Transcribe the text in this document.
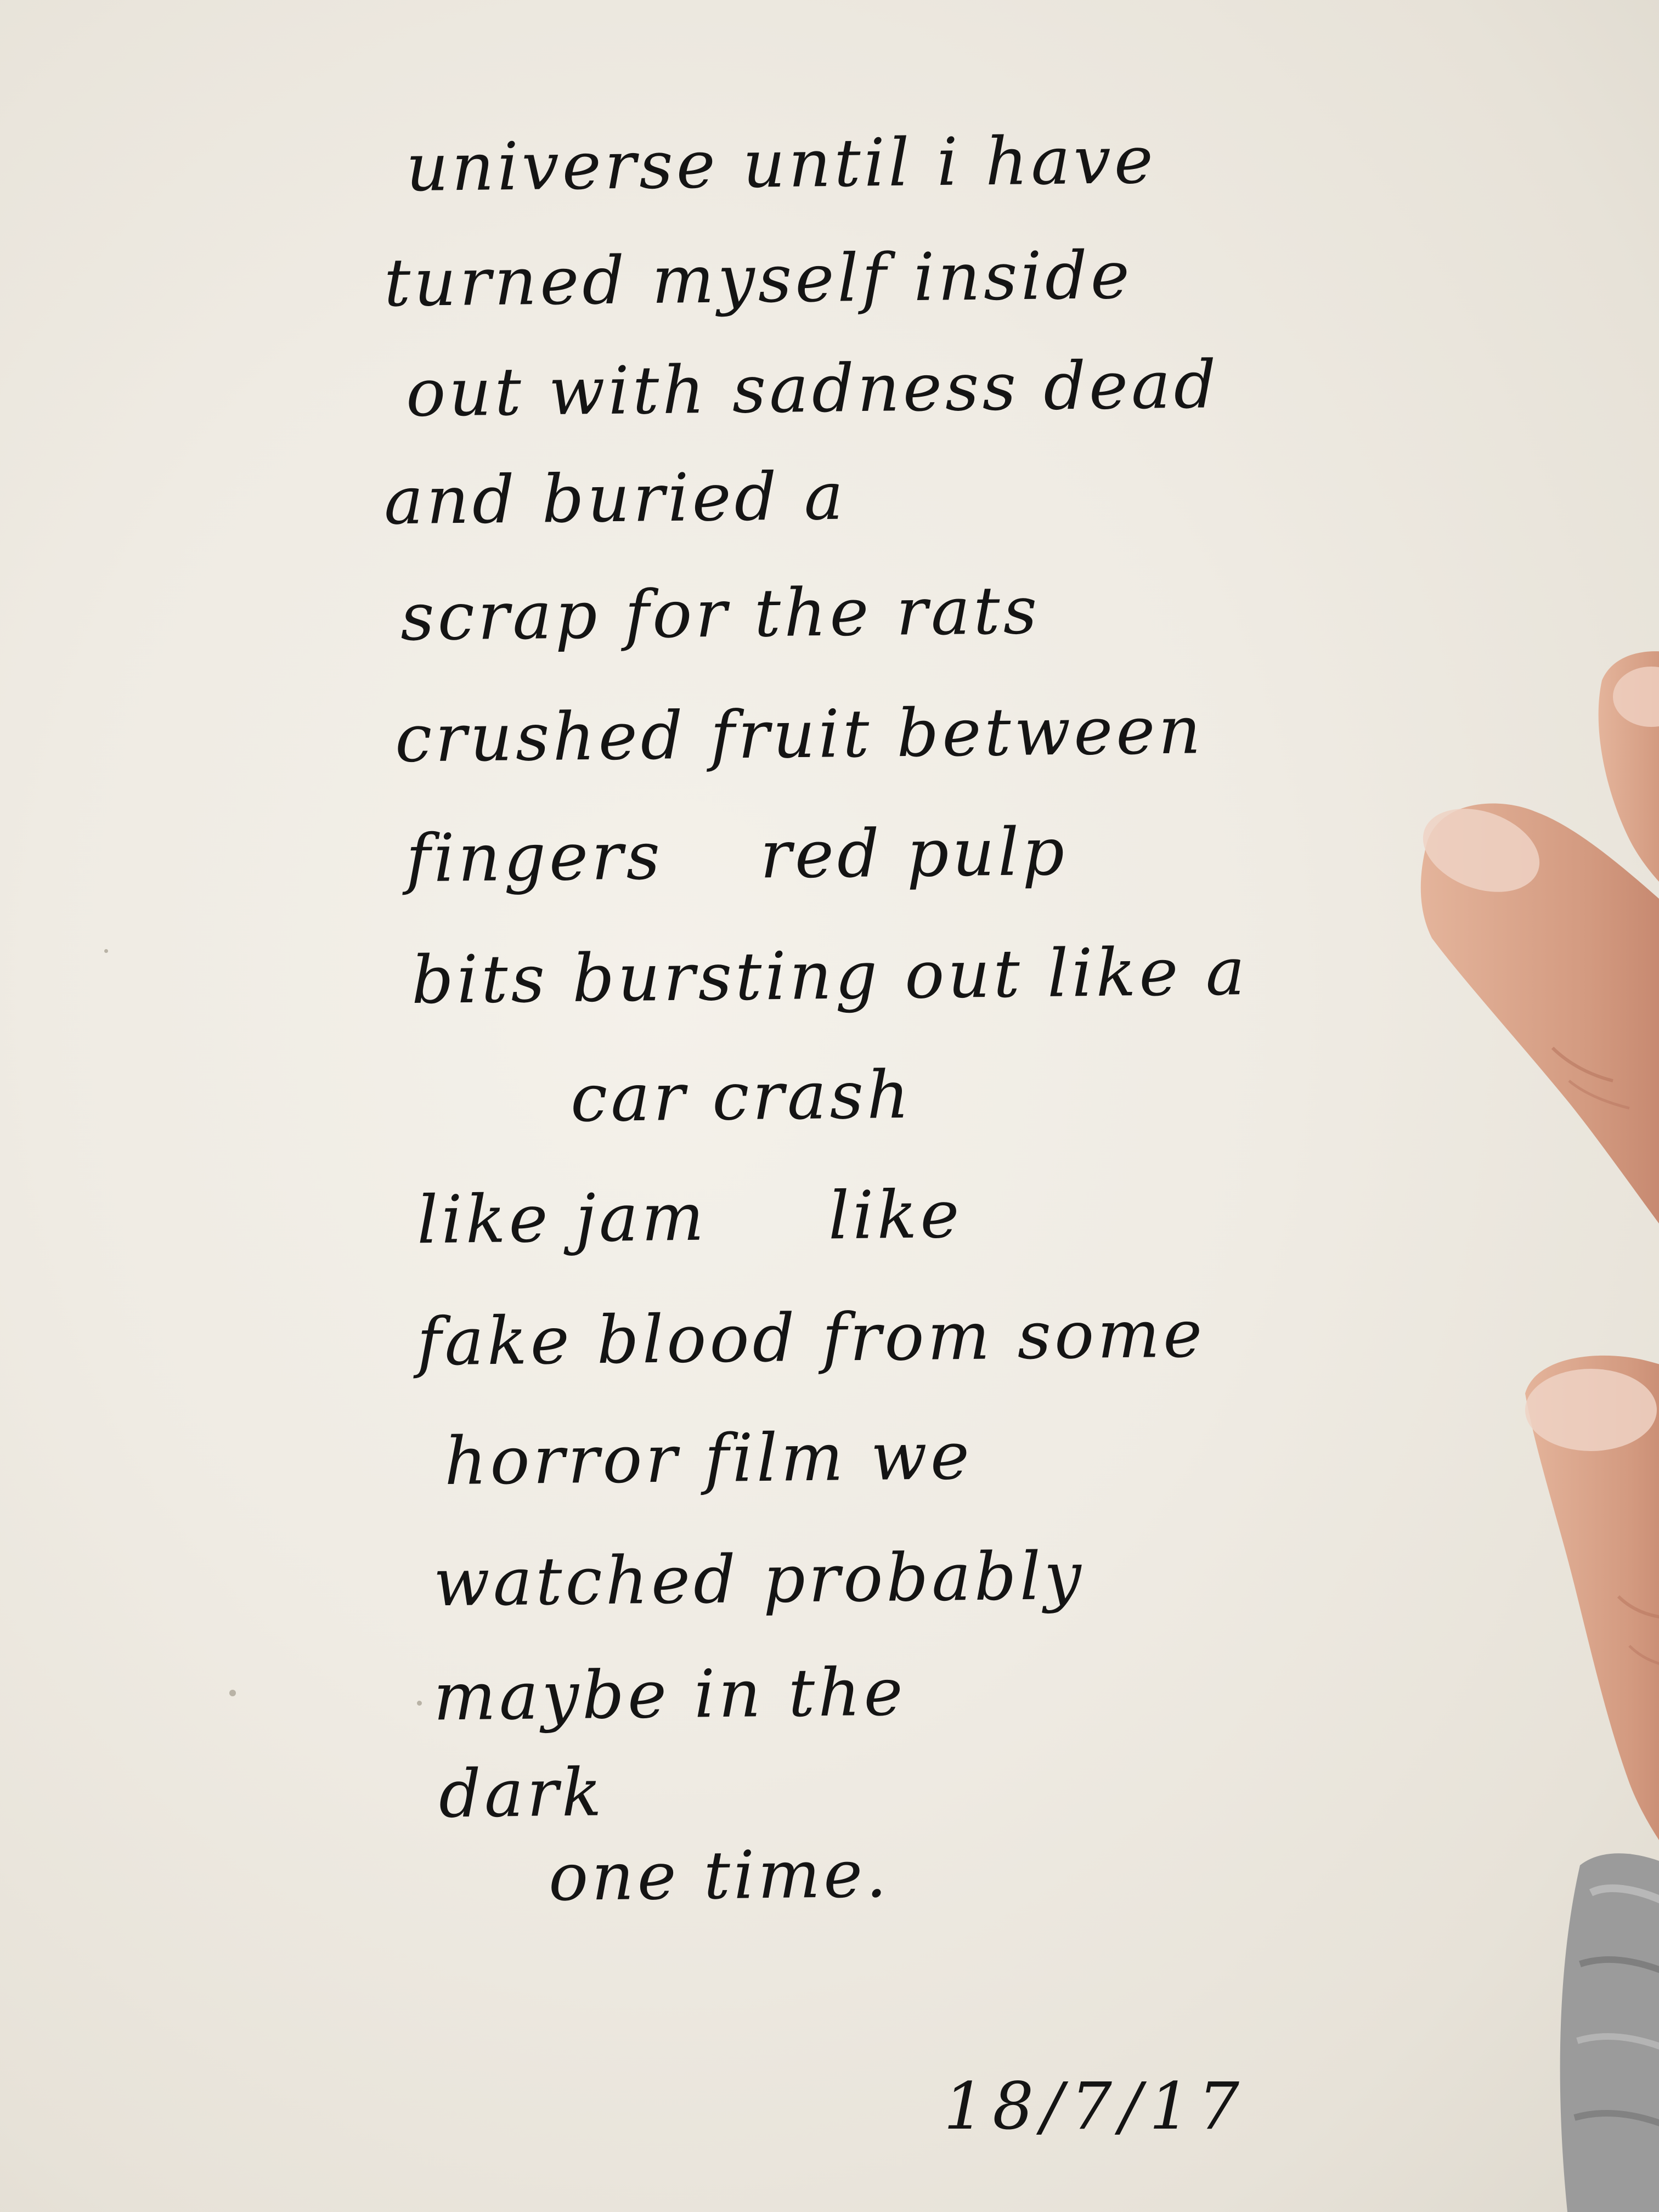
universe until i have

turned myself inside

out with sadness dead

and buried a

scrap for the rats

crushed fruit between

fingers    red pulp

bits bursting out like a

car crash

like jam     like

fake blood from some

horror film we

watched probably

maybe in the

dark

one time.

18/7/17
